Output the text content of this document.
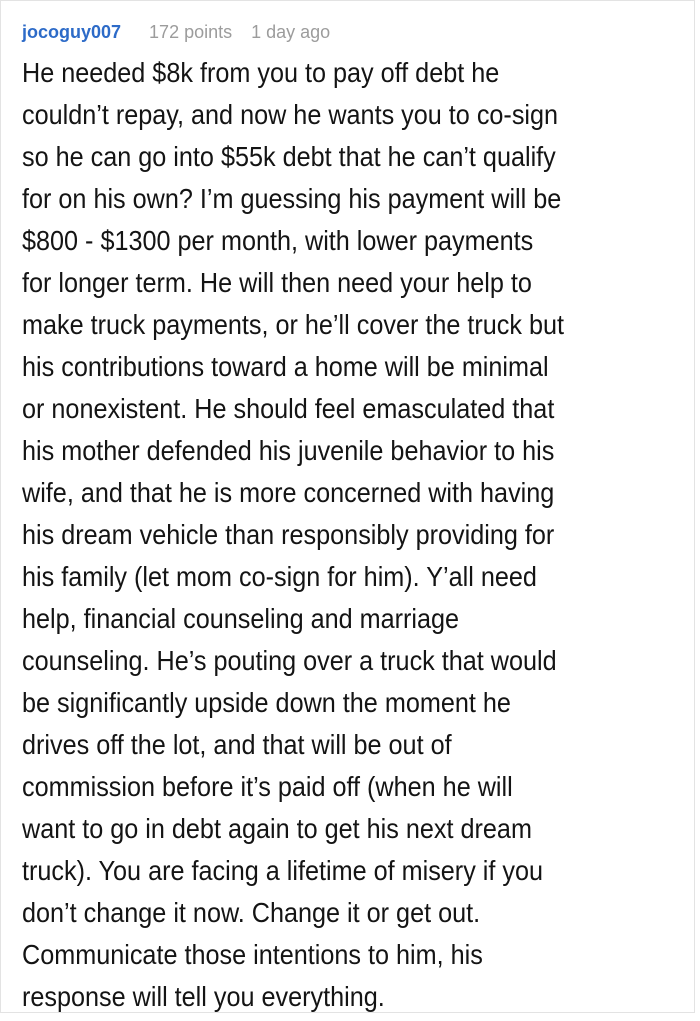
jocoguy007 172 points 1 day ago
He needed $8k from you to pay off debt he
couldn’t repay, and now he wants you to co-sign
so he can go into $55k debt that he can’t qualify
for on his own? I’m guessing his payment will be
$800 - $1300 per month, with lower payments
for longer term. He will then need your help to
make truck payments, or he’ll cover the truck but
his contributions toward a home will be minimal
or nonexistent. He should feel emasculated that
his mother defended his juvenile behavior to his
wife, and that he is more concerned with having
his dream vehicle than responsibly providing for
his family (let mom co-sign for him). Y’all need
help, financial counseling and marriage
counseling. He’s pouting over a truck that would
be significantly upside down the moment he
drives off the lot, and that will be out of
commission before it’s paid off (when he will
want to go in debt again to get his next dream
truck). You are facing a lifetime of misery if you
don’t change it now. Change it or get out.
Communicate those intentions to him, his
response will tell you everything.
